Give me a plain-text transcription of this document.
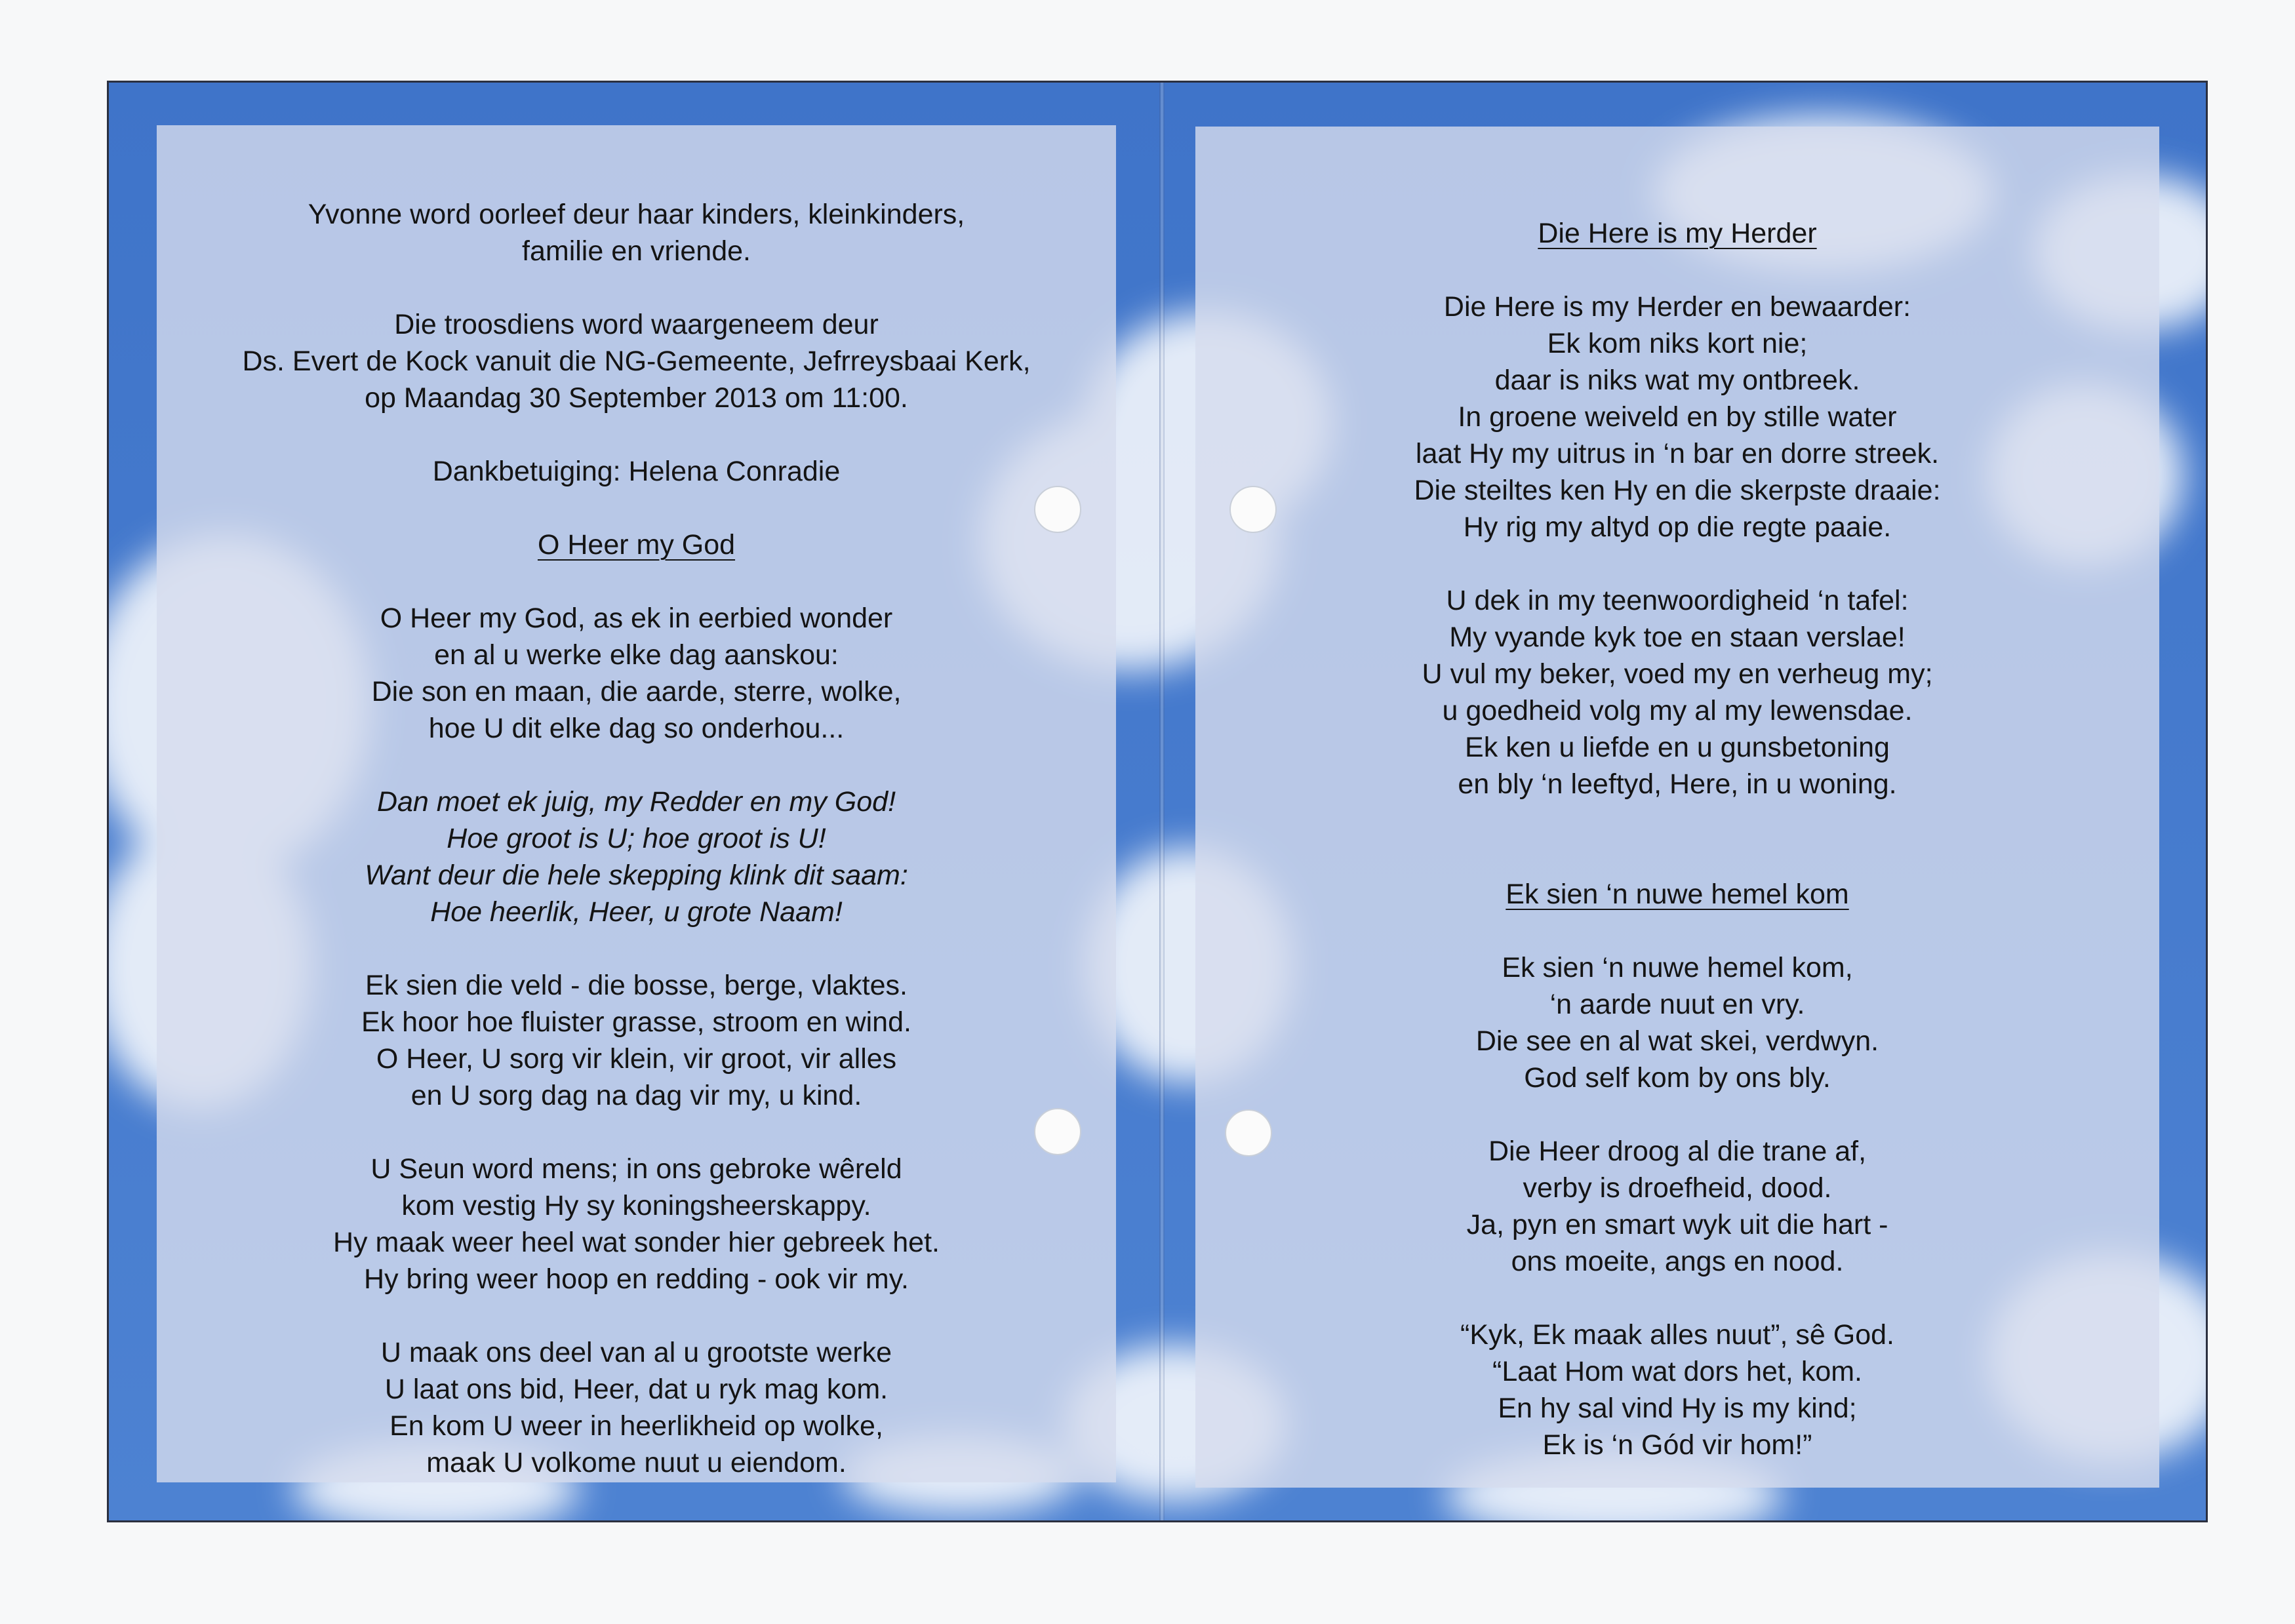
Yvonne word oorleef deur haar kinders, kleinkinders,
familie en vriende.
Die troosdiens word waargeneem deur
Ds. Evert de Kock vanuit die NG-Gemeente, Jefrreysbaai Kerk,
op Maandag 30 September 2013 om 11:00.
Dankbetuiging: Helena Conradie
O Heer my God
O Heer my God, as ek in eerbied wonder
en al u werke elke dag aanskou:
Die son en maan, die aarde, sterre, wolke,
hoe U dit elke dag so onderhou...
Dan moet ek juig, my Redder en my God!
Hoe groot is U; hoe groot is U!
Want deur die hele skepping klink dit saam:
Hoe heerlik, Heer, u grote Naam!
Ek sien die veld - die bosse, berge, vlaktes.
Ek hoor hoe fluister grasse, stroom en wind.
O Heer, U sorg vir klein, vir groot, vir alles
en U sorg dag na dag vir my, u kind.
U Seun word mens; in ons gebroke wêreld
kom vestig Hy sy koningsheerskappy.
Hy maak weer heel wat sonder hier gebreek het.
Hy bring weer hoop en redding - ook vir my.
U maak ons deel van al u grootste werke
U laat ons bid, Heer, dat u ryk mag kom.
En kom U weer in heerlikheid op wolke,
maak U volkome nuut u eiendom.
Die Here is my Herder
Die Here is my Herder en bewaarder:
Ek kom niks kort nie;
daar is niks wat my ontbreek.
In groene weiveld en by stille water
laat Hy my uitrus in ‘n bar en dorre streek.
Die steiltes ken Hy en die skerpste draaie:
Hy rig my altyd op die regte paaie.
U dek in my teenwoordigheid ‘n tafel:
My vyande kyk toe en staan verslae!
U vul my beker, voed my en verheug my;
u goedheid volg my al my lewensdae.
Ek ken u liefde en u gunsbetoning
en bly ‘n leeftyd, Here, in u woning.
Ek sien ‘n nuwe hemel kom
Ek sien ‘n nuwe hemel kom,
‘n aarde nuut en vry.
Die see en al wat skei, verdwyn.
God self kom by ons bly.
Die Heer droog al die trane af,
verby is droefheid, dood.
Ja, pyn en smart wyk uit die hart -
ons moeite, angs en nood.
“Kyk, Ek maak alles nuut”, sê God.
“Laat Hom wat dors het, kom.
En hy sal vind Hy is my kind;
Ek is ‘n Gód vir hom!”
